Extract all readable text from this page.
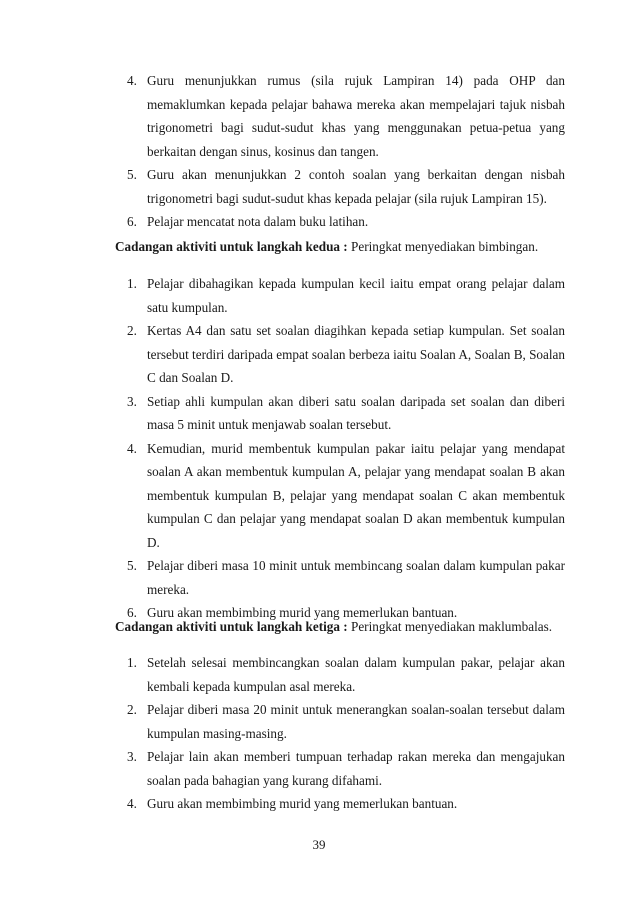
4. Guru menunjukkan rumus (sila rujuk Lampiran 14) pada OHP dan memaklumkan kepada pelajar bahawa mereka akan mempelajari tajuk nisbah trigonometri bagi sudut-sudut khas yang menggunakan petua-petua yang berkaitan dengan sinus, kosinus dan tangen.
5. Guru akan menunjukkan 2 contoh soalan yang berkaitan dengan nisbah trigonometri bagi sudut-sudut khas kepada pelajar (sila rujuk Lampiran 15).
6. Pelajar mencatat nota dalam buku latihan.
Cadangan aktiviti untuk langkah kedua : Peringkat menyediakan bimbingan.
1. Pelajar dibahagikan kepada kumpulan kecil iaitu empat orang pelajar dalam satu kumpulan.
2. Kertas A4 dan satu set soalan diagihkan kepada setiap kumpulan. Set soalan tersebut terdiri daripada empat soalan berbeza iaitu Soalan A, Soalan B, Soalan C dan Soalan D.
3. Setiap ahli kumpulan akan diberi satu soalan daripada set soalan dan diberi masa 5 minit untuk menjawab soalan tersebut.
4. Kemudian, murid membentuk kumpulan pakar iaitu pelajar yang mendapat soalan A akan membentuk kumpulan A, pelajar yang mendapat soalan B akan membentuk kumpulan B, pelajar yang mendapat soalan C akan membentuk kumpulan C dan pelajar yang mendapat soalan D akan membentuk kumpulan D.
5. Pelajar diberi masa 10 minit untuk membincang soalan dalam kumpulan pakar mereka.
6. Guru akan membimbing murid yang memerlukan bantuan.
Cadangan aktiviti untuk langkah ketiga : Peringkat menyediakan maklumbalas.
1. Setelah selesai membincangkan soalan dalam kumpulan pakar, pelajar akan kembali kepada kumpulan asal mereka.
2. Pelajar diberi masa 20 minit untuk menerangkan soalan-soalan tersebut dalam kumpulan masing-masing.
3. Pelajar lain akan memberi tumpuan terhadap rakan mereka dan mengajukan soalan pada bahagian yang kurang difahami.
4. Guru akan membimbing murid yang memerlukan bantuan.
39
